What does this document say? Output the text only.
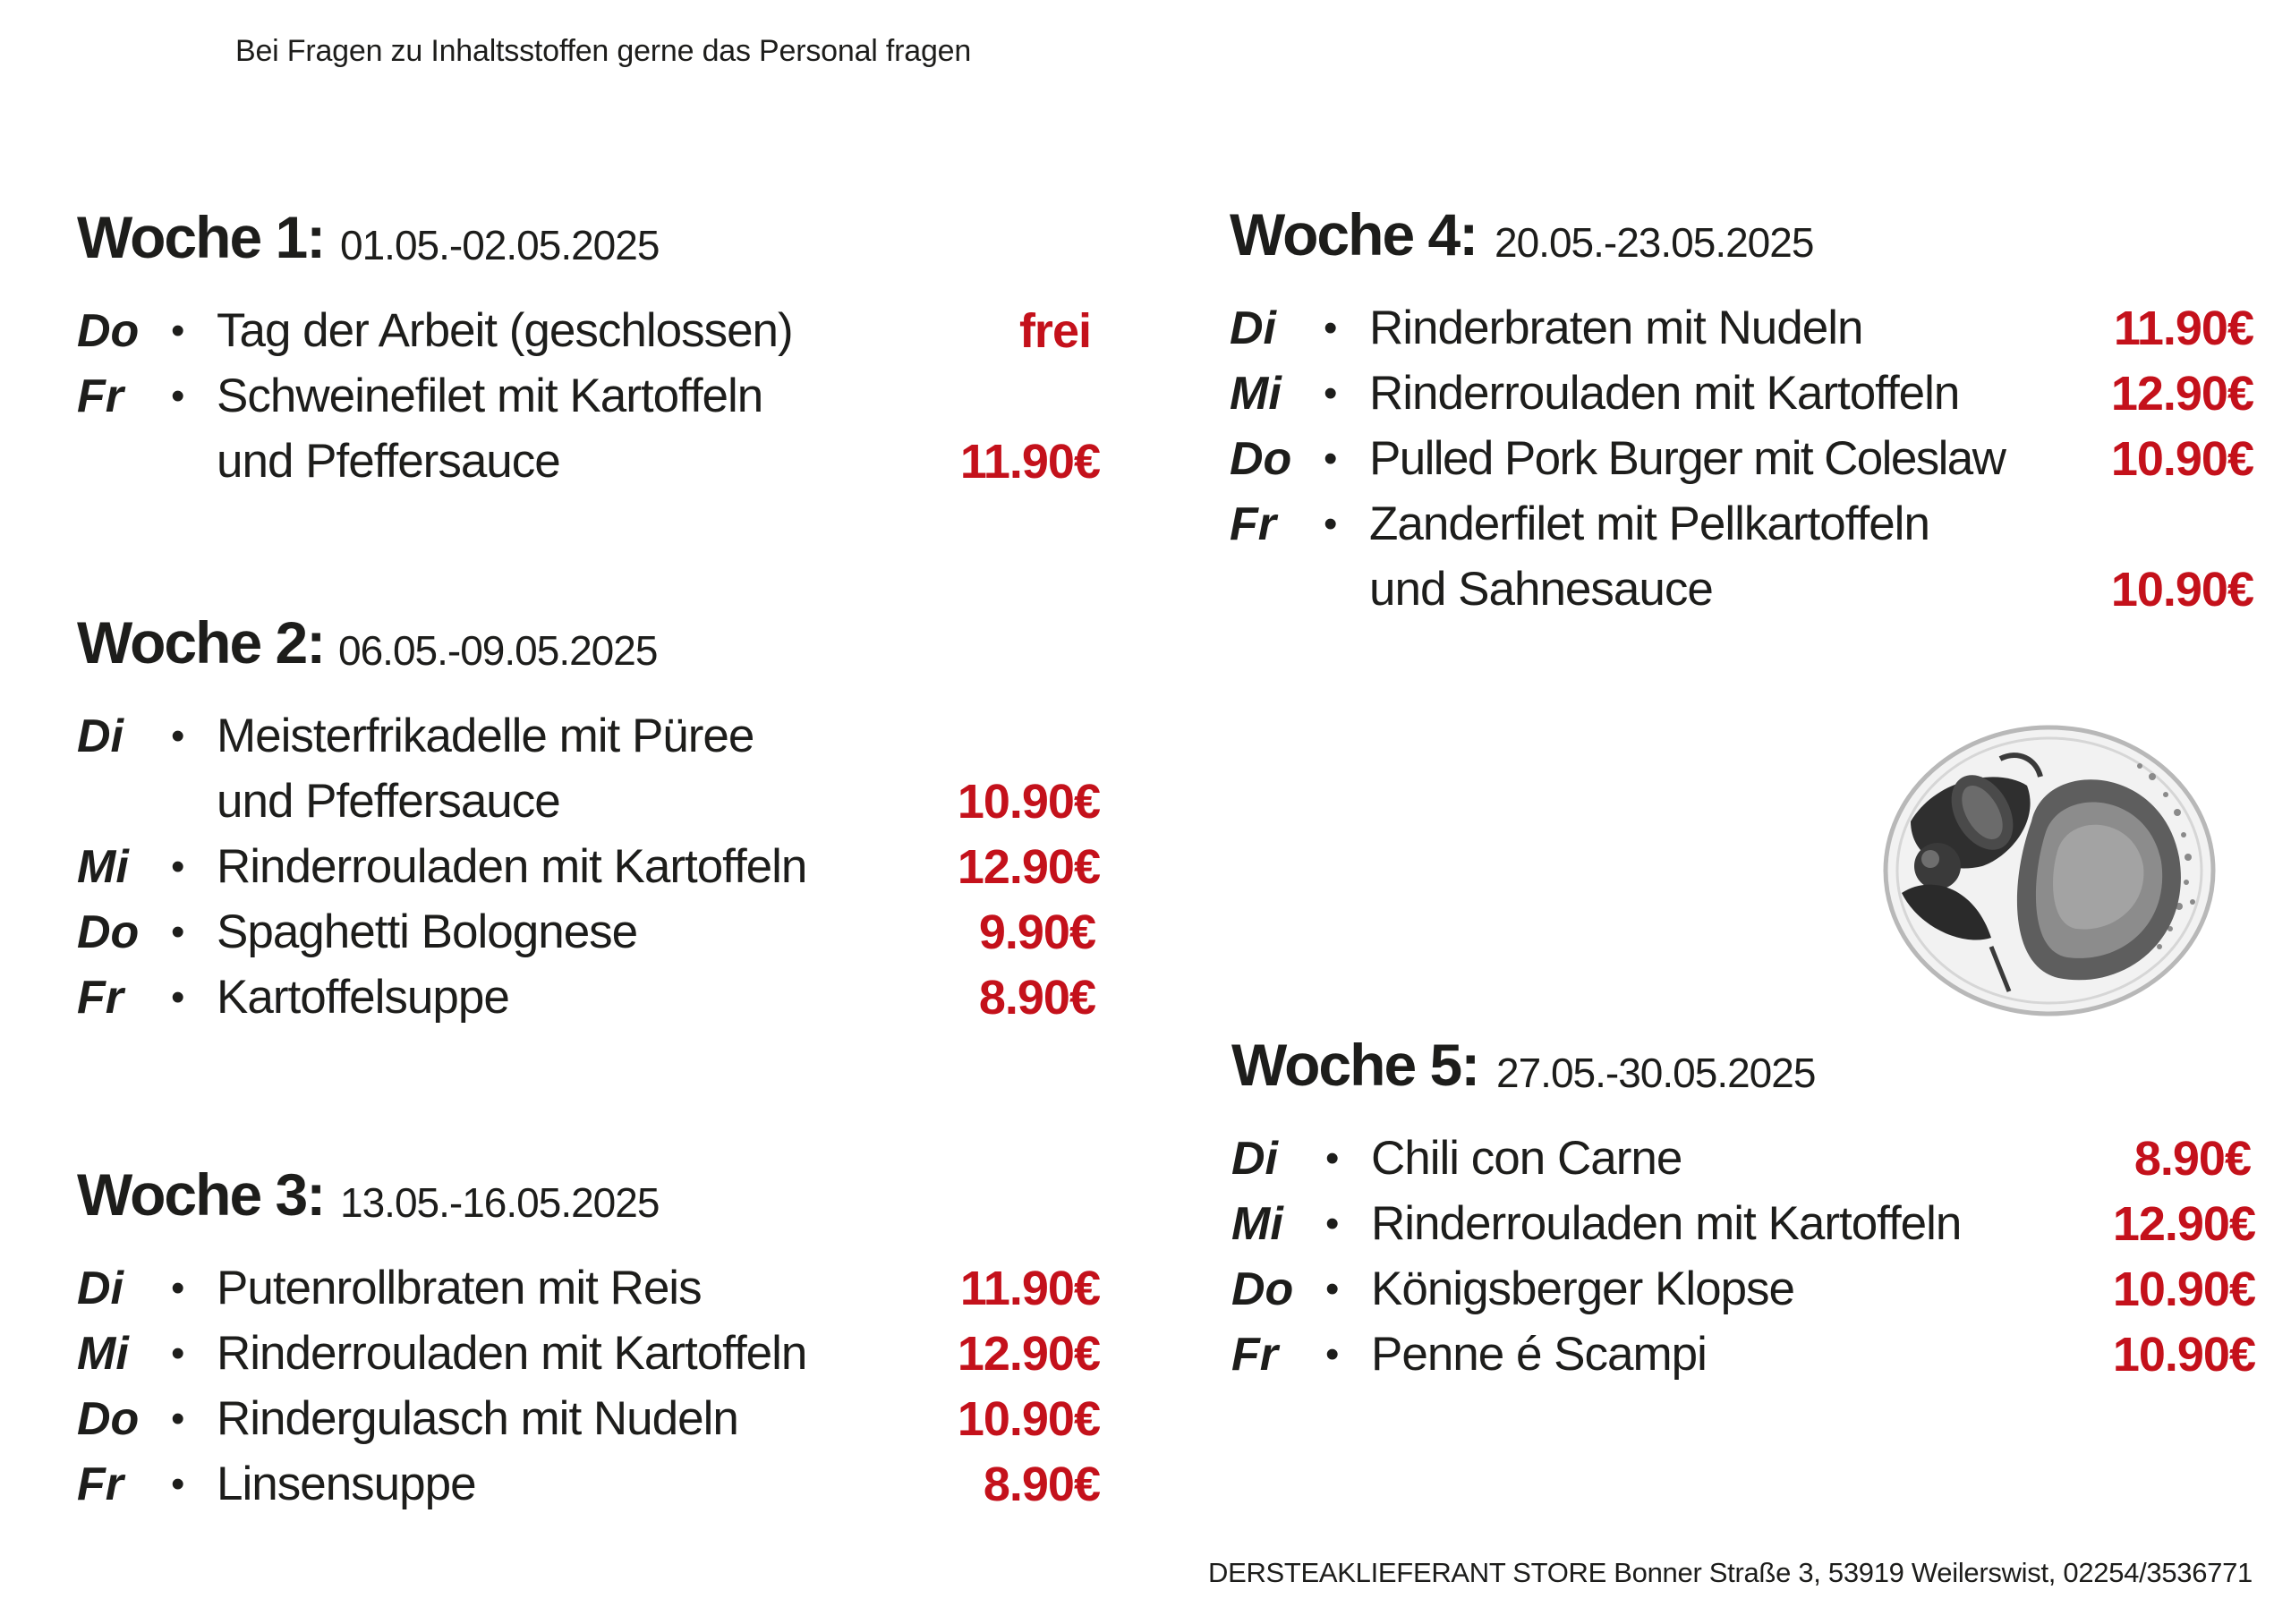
Bei Fragen zu Inhaltsstoffen gerne das Personal fragen
Woche 1: 01.05.-02.05.2025
Do • Tag der Arbeit (geschlossen)	frei
Fr • Schweinefilet mit Kartoffeln
und Pfeffersauce	11.90€
Woche 2: 06.05.-09.05.2025
Di • Meisterfrikadelle mit Püree
und Pfeffersauce	10.90€
Mi • Rinderrouladen mit Kartoffeln	12.90€
Do • Spaghetti Bolognese	9.90€
Fr • Kartoffelsuppe	8.90€
Woche 3: 13.05.-16.05.2025
Di • Putenrollbraten mit Reis	11.90€
Mi • Rinderrouladen mit Kartoffeln	12.90€
Do • Rindergulasch mit Nudeln	10.90€
Fr • Linsensuppe	8.90€
Woche 4: 20.05.-23.05.2025
Di • Rinderbraten mit Nudeln	11.90€
Mi • Rinderrouladen mit Kartoffeln	12.90€
Do • Pulled Pork Burger mit Coleslaw 10.90€
Fr • Zanderfilet mit Pellkartoffeln
und Sahnesauce	10.90€
Woche 5: 27.05.-30.05.2025
Di • Chili con Carne	8.90€
Mi • Rinderrouladen mit Kartoffeln	12.90€
Do • Königsberger Klopse	10.90€
Fr • Penne é Scampi	10.90€
DERSTEAKLIEFERANT STORE Bonner Straße 3, 53919 Weilerswist, 02254/3536771
